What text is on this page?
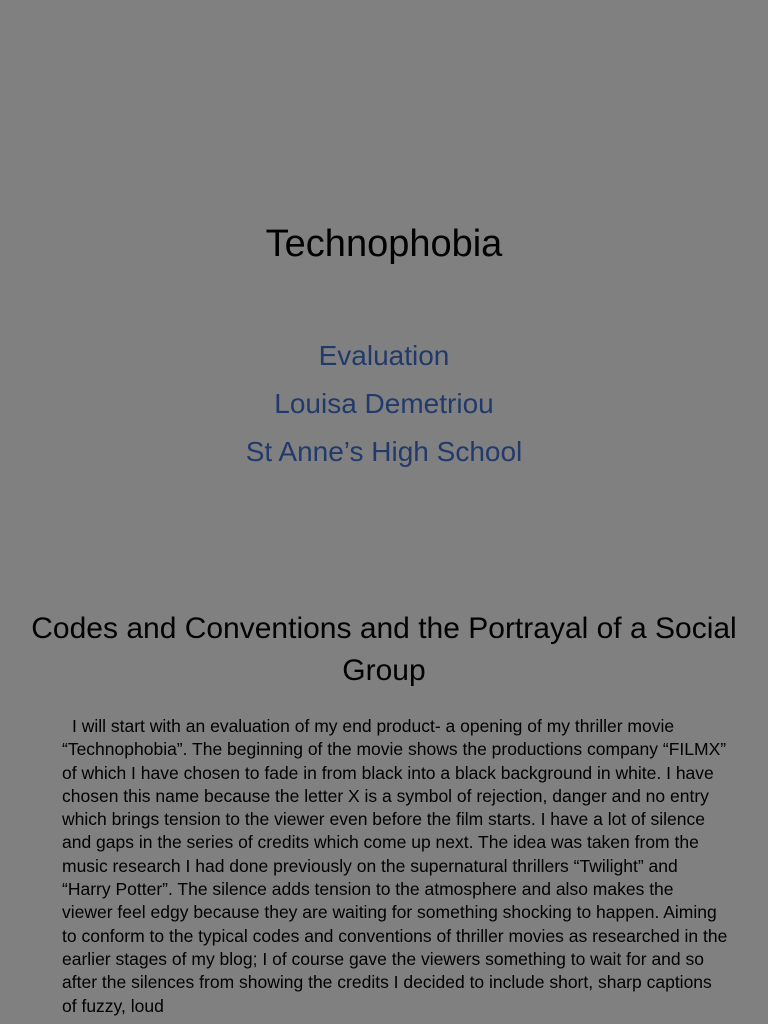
Technophobia
Evaluation
Louisa Demetriou
St Anne’s High School
Codes and Conventions and the Portrayal of a Social Group

I will start with an evaluation of my end product- a opening of my thriller movie “Technophobia”. The beginning of the movie shows the productions company “FILMX” of which I have chosen to fade in from black into a black background in white. I have chosen this name because the letter X is a symbol of rejection, danger and no entry which brings tension to the viewer even before the film starts. I have a lot of silence and gaps in the series of credits which come up next. The idea was taken from the music research I had done previously on the supernatural thrillers “Twilight” and “Harry Potter”. The silence adds tension to the atmosphere and also makes the viewer feel edgy because they are waiting for something shocking to happen. Aiming to conform to the typical codes and conventions of thriller movies as researched in the earlier stages of my blog; I of course gave the viewers something to wait for and so after the silences from showing the credits I decided to include short, sharp captions of fuzzy, loud
